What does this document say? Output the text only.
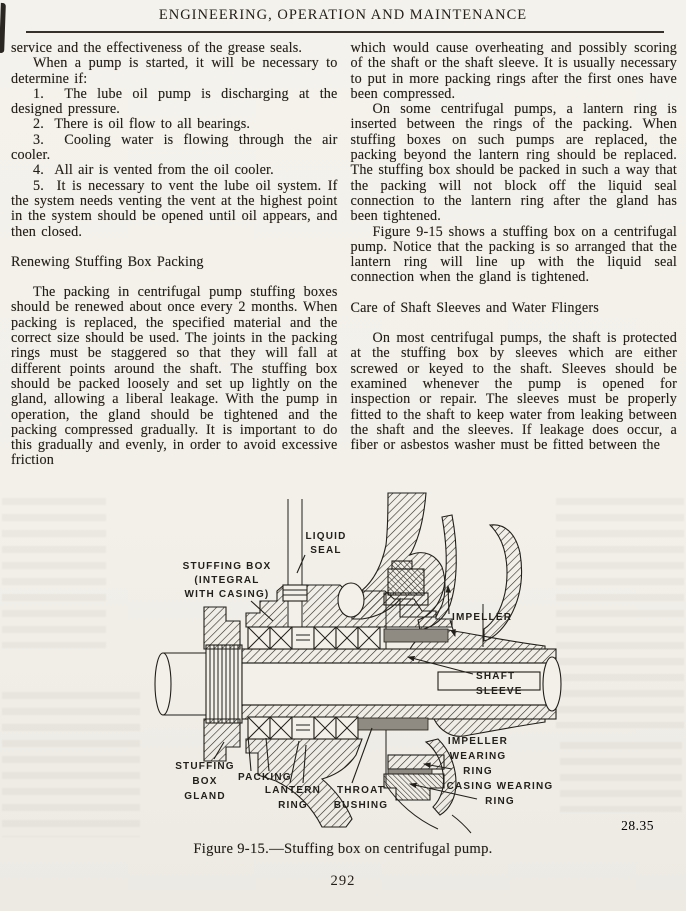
ENGINEERING, OPERATION AND MAINTENANCE

service and the effectiveness of the grease seals.

When a pump is started, it will be necessary to determine if:

1.  The lube oil pump is discharging at the designed pressure.

2.  There is oil flow to all bearings.

3.  Cooling water is flowing through the air cooler.

4.  All air is vented from the oil cooler.

5.  It is necessary to vent the lube oil system. If the system needs venting the vent at the highest point in the system should be opened until oil appears, and then closed.

Renewing Stuffing Box Packing

The packing in centrifugal pump stuffing boxes should be renewed about once every 2 months. When packing is replaced, the specified material and the correct size should be used. The joints in the packing rings must be staggered so that they will fall at different points around the shaft. The stuffing box should be packed loosely and set up lightly on the gland, allowing a liberal leakage. With the pump in operation, the gland should be tightened and the packing compressed gradually. It is important to do this gradually and evenly, in order to avoid excessive friction

which would cause overheating and possibly scoring of the shaft or the shaft sleeve. It is usually necessary to put in more packing rings after the first ones have been compressed.

On some centrifugal pumps, a lantern ring is inserted between the rings of the packing. When stuffing boxes on such pumps are replaced, the packing beyond the lantern ring should be replaced. The stuffing box should be packed in such a way that the packing will not block off the liquid seal connection to the lantern ring after the gland has been tightened.

Figure 9-15 shows a stuffing box on a centrifugal pump. Notice that the packing is so arranged that the lantern ring will line up with the liquid seal connection when the gland is tightened.

Care of Shaft Sleeves and Water Flingers

On most centrifugal pumps, the shaft is protected at the stuffing box by sleeves which are either screwed or keyed to the shaft. Sleeves should be examined whenever the pump is opened for inspection or repair. The sleeves must be properly fitted to the shaft to keep water from leaking between the shaft and the sleeves. If leakage does occur, a fiber or asbestos washer must be fitted between the

LIQUID SEAL
STUFFING BOX (INTEGRAL WITH CASING)
IMPELLER
SHAFT SLEEVE
IMPELLER WEARING RING
CASING WEARING RING
STUFFING BOX GLAND
PACKING
LANTERN RING
THROAT BUSHING
28.35
Figure 9-15.—Stuffing box on centrifugal pump.
292
